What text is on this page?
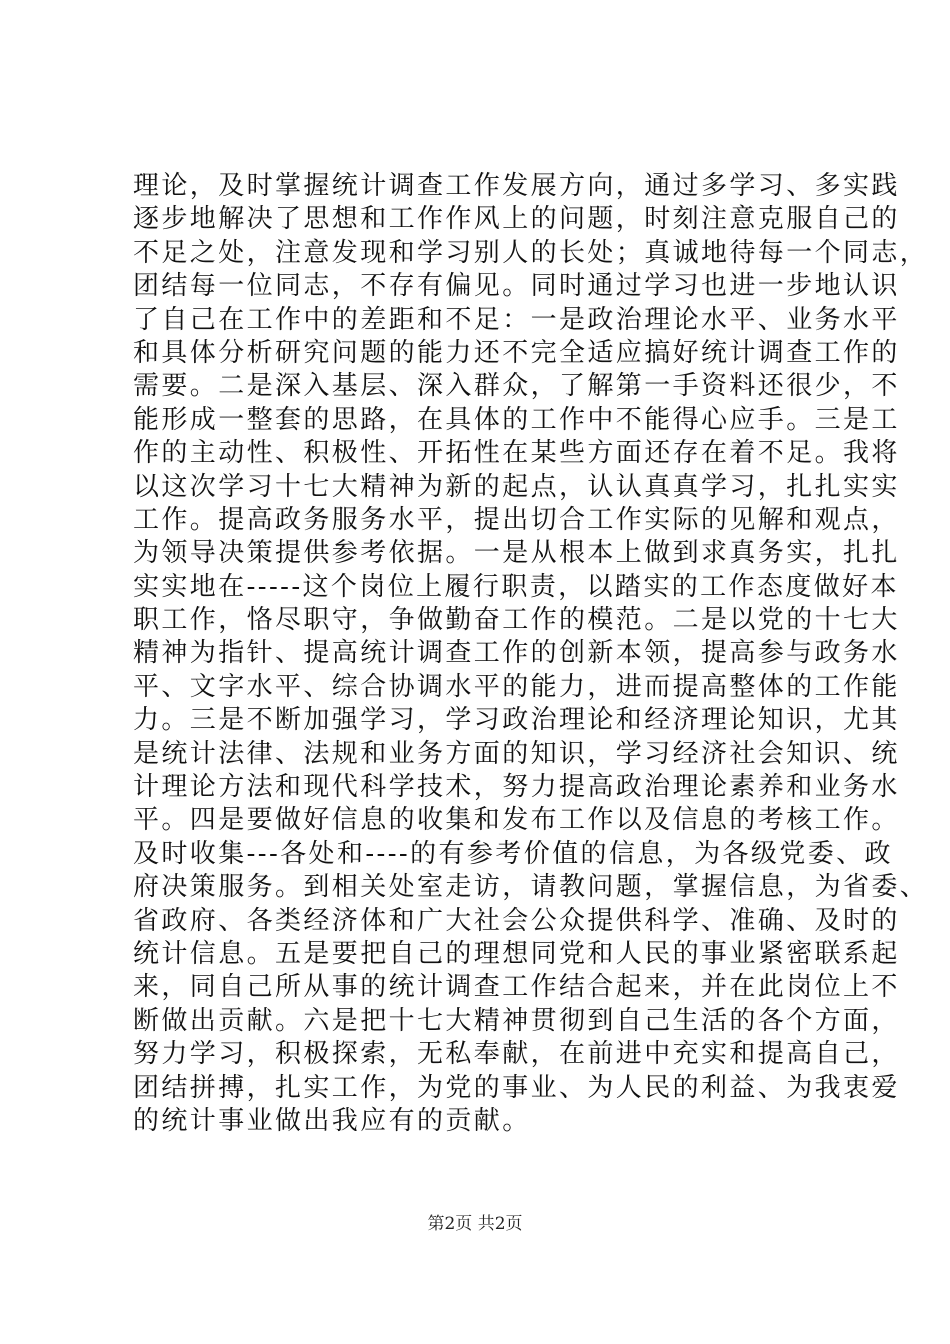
理论，及时掌握统计调查工作发展方向，通过多学习、多实践
逐步地解决了思想和工作作风上的问题，时刻注意克服自己的
不足之处，注意发现和学习别人的长处；真诚地待每一个同志，
团结每一位同志，不存有偏见。同时通过学习也进一步地认识
了自己在工作中的差距和不足：一是政治理论水平、业务水平
和具体分析研究问题的能力还不完全适应搞好统计调查工作的
需要。二是深入基层、深入群众，了解第一手资料还很少，不
能形成一整套的思路，在具体的工作中不能得心应手。三是工
作的主动性、积极性、开拓性在某些方面还存在着不足。我将
以这次学习十七大精神为新的起点，认认真真学习，扎扎实实
工作。提高政务服务水平，提出切合工作实际的见解和观点，
为领导决策提供参考依据。一是从根本上做到求真务实，扎扎
实实地在-----这个岗位上履行职责，以踏实的工作态度做好本
职工作，恪尽职守，争做勤奋工作的模范。二是以党的十七大
精神为指针、提高统计调查工作的创新本领，提高参与政务水
平、文字水平、综合协调水平的能力，进而提高整体的工作能
力。三是不断加强学习，学习政治理论和经济理论知识，尤其
是统计法律、法规和业务方面的知识，学习经济社会知识、统
计理论方法和现代科学技术，努力提高政治理论素养和业务水
平。四是要做好信息的收集和发布工作以及信息的考核工作。
及时收集---各处和----的有参考价值的信息，为各级党委、政
府决策服务。到相关处室走访，请教问题，掌握信息，为省委、
省政府、各类经济体和广大社会公众提供科学、准确、及时的
统计信息。五是要把自己的理想同党和人民的事业紧密联系起
来，同自己所从事的统计调查工作结合起来，并在此岗位上不
断做出贡献。六是把十七大精神贯彻到自己生活的各个方面，
努力学习，积极探索，无私奉献，在前进中充实和提高自己，
团结拼搏，扎实工作，为党的事业、为人民的利益、为我衷爱
的统计事业做出我应有的贡献。
第2页 共2页
